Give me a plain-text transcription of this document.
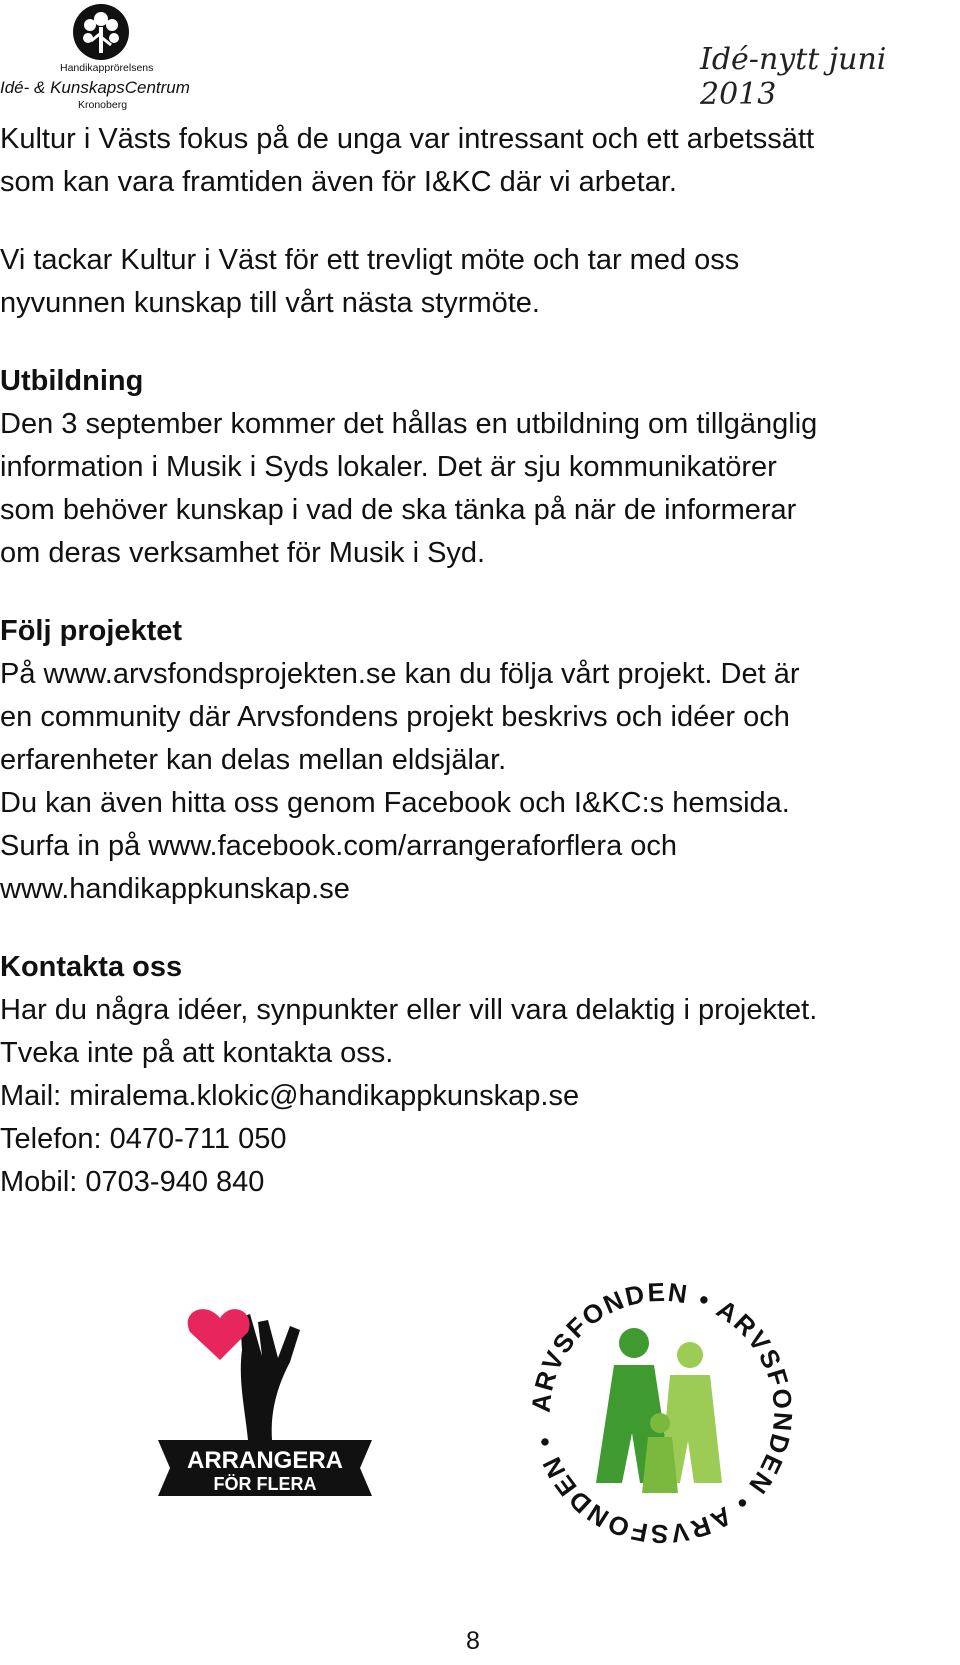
Handikapprörelsens
Idé- & KunskapsCentrum
Kronoberg
Idé-nytt juni 2013

Kultur i Västs fokus på de unga var intressant och ett arbetssätt

som kan vara framtiden även för I&KC där vi arbetar.

Vi tackar Kultur i Väst för ett trevligt möte och tar med oss

nyvunnen kunskap till vårt nästa styrmöte.

Utbildning

Den 3 september kommer det hållas en utbildning om tillgänglig

information i Musik i Syds lokaler. Det är sju kommunikatörer

som behöver kunskap i vad de ska tänka på när de informerar

om deras verksamhet för Musik i Syd.

Följ projektet

På www.arvsfondsprojekten.se kan du följa vårt projekt. Det är

en community där Arvsfondens projekt beskrivs och idéer och

erfarenheter kan delas mellan eldsjälar.

Du kan även hitta oss genom Facebook och I&KC:s hemsida.

Surfa in på www.facebook.com/arrangeraforflera och

www.handikappkunskap.se

Kontakta oss

Har du några idéer, synpunkter eller vill vara delaktig i projektet.

Tveka inte på att kontakta oss.

Mail: miralema.klokic@handikappkunskap.se

Telefon: 0470-711 050

Mobil: 0703-940 840

ARRANGERA
FÖR FLERA
ARVSFONDEN • ARVSFONDEN • ARVSFONDEN •
8
